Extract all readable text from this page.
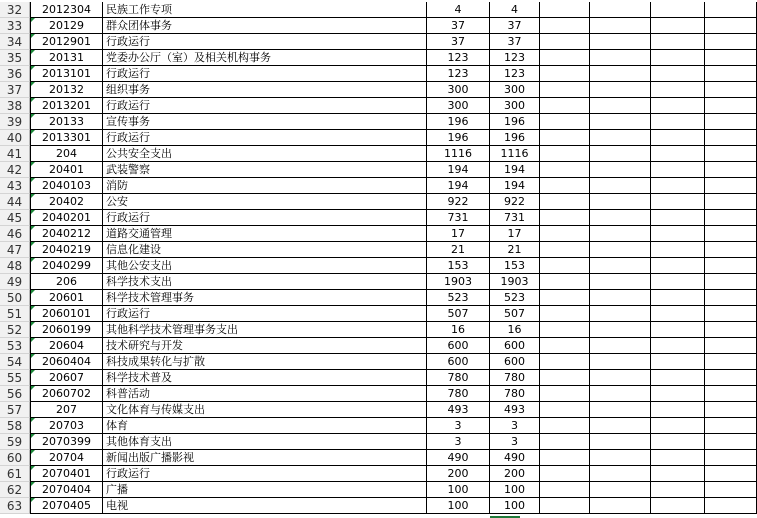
32	2012304	民族工作专项	4	4
33	20129	群众团体事务	37	37
34	2012901	行政运行	37	37
35	20131	党委办公厅（室）及相关机构事务	123	123
36	2013101	行政运行	123	123
37	20132	组织事务	300	300
38	2013201	行政运行	300	300
39	20133	宣传事务	196	196
40	2013301	行政运行	196	196
41	204	公共安全支出	1116	1116
42	20401	武装警察	194	194
43	2040103	消防	194	194
44	20402	公安	922	922
45	2040201	行政运行	731	731
46	2040212	道路交通管理	17	17
47	2040219	信息化建设	21	21
48	2040299	其他公安支出	153	153
49	206	科学技术支出	1903	1903
50	20601	科学技术管理事务	523	523
51	2060101	行政运行	507	507
52	2060199	其他科学技术管理事务支出	16	16
53	20604	技术研究与开发	600	600
54	2060404	科技成果转化与扩散	600	600
55	20607	科学技术普及	780	780
56	2060702	科普活动	780	780
57	207	文化体育与传媒支出	493	493
58	20703	体育	3	3
59	2070399	其他体育支出	3	3
60	20704	新闻出版广播影视	490	490
61	2070401	行政运行	200	200
62	2070404	广播	100	100
63	2070405	电视	100	100
